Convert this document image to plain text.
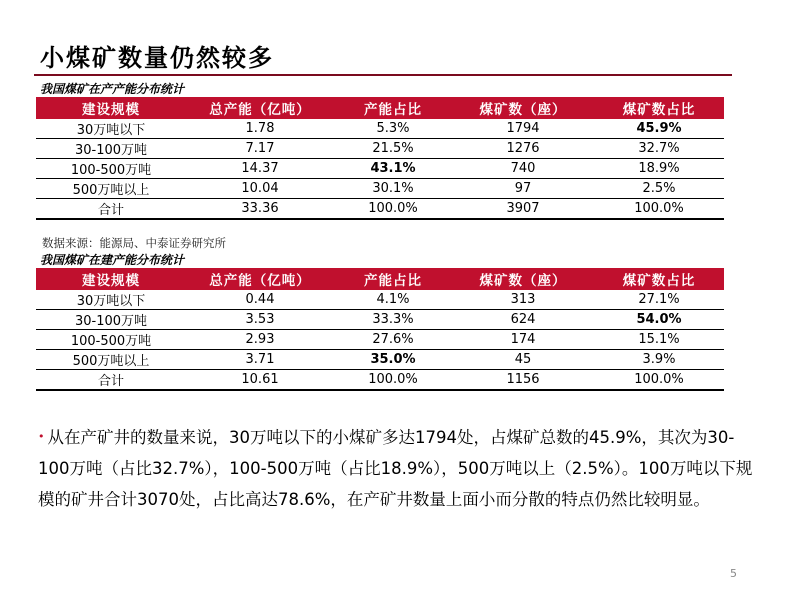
小煤矿数量仍然较多
我国煤矿在产产能分布统计
建设规模	总产能（亿吨）	产能占比	煤矿数（座）	煤矿数占比
30万吨以下	1.78	5.3%	1794	45.9%
30-100万吨	7.17	21.5%	1276	32.7%
100-500万吨	14.37	43.1%	740	18.9%
500万吨以上	10.04	30.1%	97	2.5%
合计	33.36	100.0%	3907	100.0%
数据来源：能源局、中泰证券研究所
我国煤矿在建产能分布统计
建设规模	总产能（亿吨）	产能占比	煤矿数（座）	煤矿数占比
30万吨以下	0.44	4.1%	313	27.1%
30-100万吨	3.53	33.3%	624	54.0%
100-500万吨	2.93	27.6%	174	15.1%
500万吨以上	3.71	35.0%	45	3.9%
合计	10.61	100.0%	1156	100.0%
• 从在产矿井的数量来说，30万吨以下的小煤矿多达1794处，占煤矿总数的45.9%，其次为30-100万吨（占比32.7%），100-500万吨（占比18.9%），500万吨以上（2.5%）。100万吨以下规模的矿井合计3070处，占比高达78.6%，在产矿井数量上面小而分散的特点仍然比较明显。
5
